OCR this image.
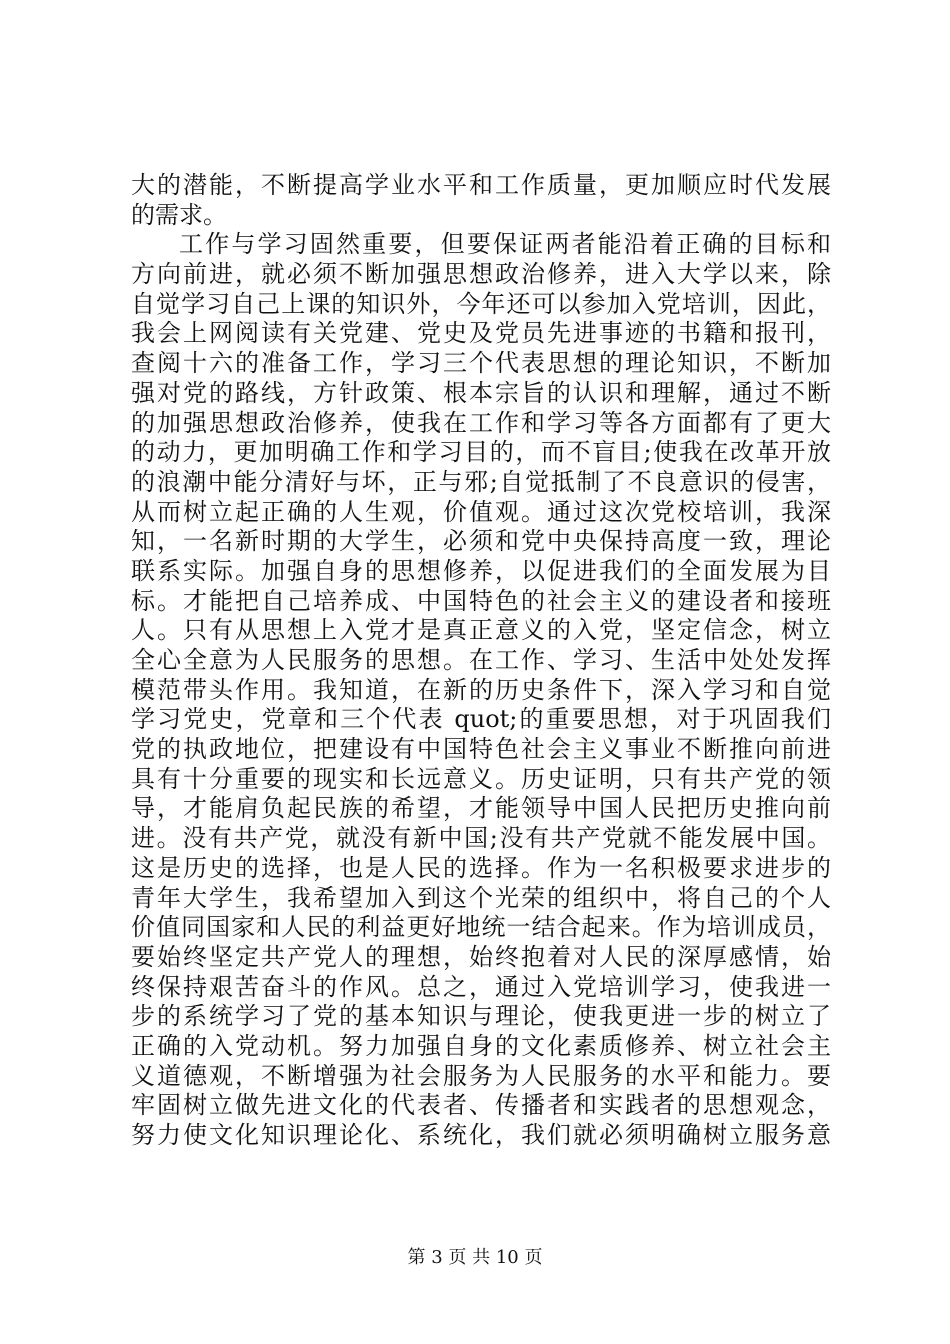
大的潜能，不断提高学业水平和工作质量，更加顺应时代发展
的需求。
工作与学习固然重要，但要保证两者能沿着正确的目标和
方向前进，就必须不断加强思想政治修养，进入大学以来，除
自觉学习自己上课的知识外，今年还可以参加入党培训，因此，
我会上网阅读有关党建、党史及党员先进事迹的书籍和报刊，
查阅十六的准备工作，学习三个代表思想的理论知识，不断加
强对党的路线，方针政策、根本宗旨的认识和理解，通过不断
的加强思想政治修养，使我在工作和学习等各方面都有了更大
的动力，更加明确工作和学习目的，而不盲目;使我在改革开放
的浪潮中能分清好与坏，正与邪;自觉抵制了不良意识的侵害，
从而树立起正确的人生观，价值观。通过这次党校培训，我深
知，一名新时期的大学生，必须和党中央保持高度一致，理论
联系实际。加强自身的思想修养，以促进我们的全面发展为目
标。才能把自己培养成、中国特色的社会主义的建设者和接班
人。只有从思想上入党才是真正意义的入党，坚定信念，树立
全心全意为人民服务的思想。在工作、学习、生活中处处发挥
模范带头作用。我知道，在新的历史条件下，深入学习和自觉
学习党史，党章和三个代表 quot;的重要思想，对于巩固我们
党的执政地位，把建设有中国特色社会主义事业不断推向前进
具有十分重要的现实和长远意义。历史证明，只有共产党的领
导，才能肩负起民族的希望，才能领导中国人民把历史推向前
进。没有共产党，就没有新中国;没有共产党就不能发展中国。
这是历史的选择，也是人民的选择。作为一名积极要求进步的
青年大学生，我希望加入到这个光荣的组织中，将自己的个人
价值同国家和人民的利益更好地统一结合起来。作为培训成员，
要始终坚定共产党人的理想，始终抱着对人民的深厚感情，始
终保持艰苦奋斗的作风。总之，通过入党培训学习，使我进一
步的系统学习了党的基本知识与理论，使我更进一步的树立了
正确的入党动机。努力加强自身的文化素质修养、树立社会主
义道德观，不断增强为社会服务为人民服务的水平和能力。要
牢固树立做先进文化的代表者、传播者和实践者的思想观念，
努力使文化知识理论化、系统化，我们就必须明确树立服务意
第 3 页 共 10 页
